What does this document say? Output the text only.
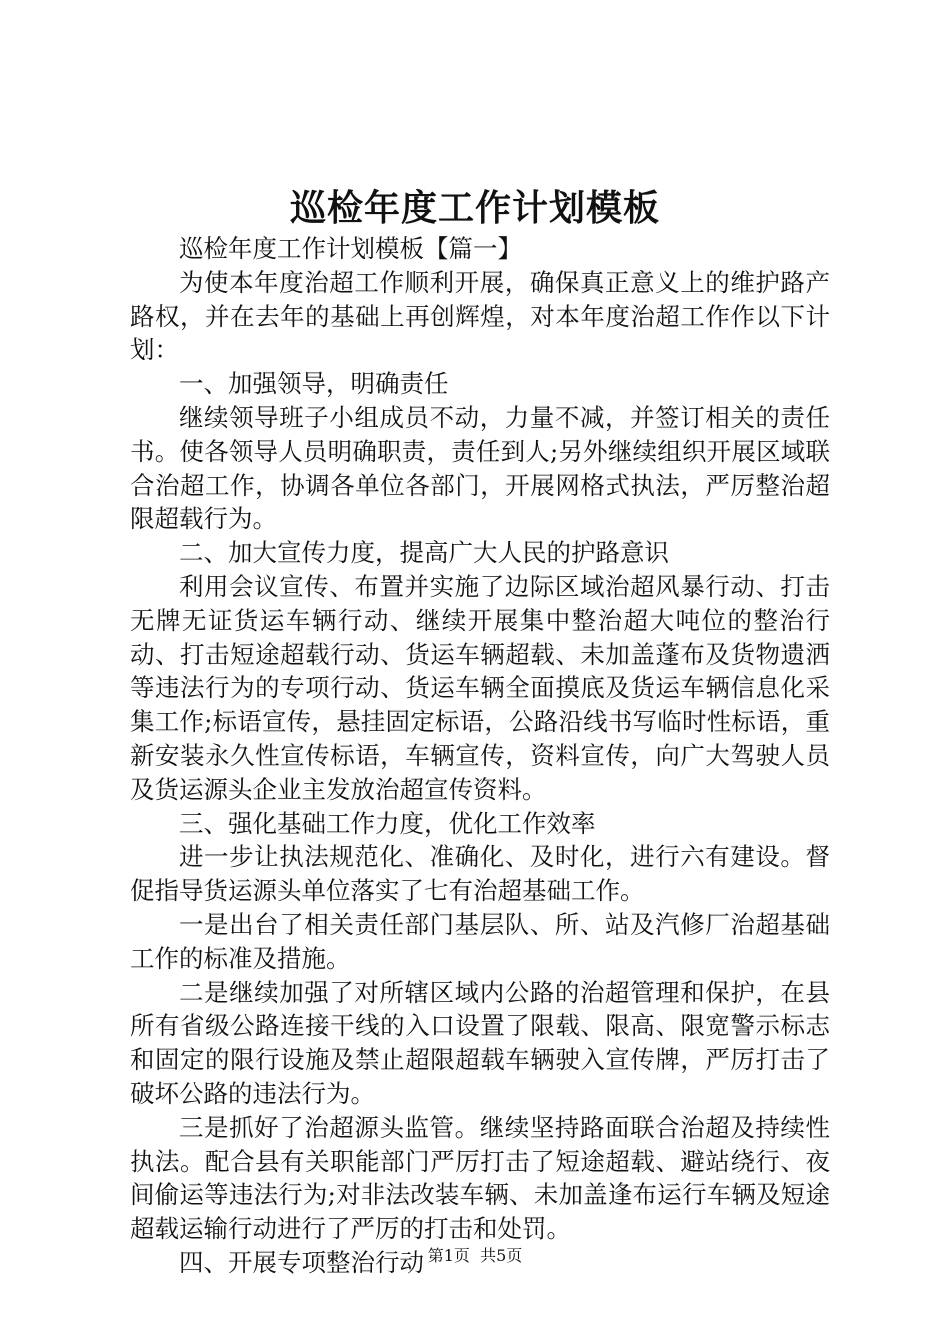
巡检年度工作计划模板

巡检年度工作计划模板【篇一】

为使本年度治超工作顺利开展，确保真正意义上的维护路产路权，并在去年的基础上再创辉煌，对本年度治超工作作以下计划：

一、加强领导，明确责任

继续领导班子小组成员不动，力量不减，并签订相关的责任书。使各领导人员明确职责，责任到人;另外继续组织开展区域联合治超工作，协调各单位各部门，开展网格式执法，严厉整治超限超载行为。

二、加大宣传力度，提高广大人民的护路意识

利用会议宣传、布置并实施了边际区域治超风暴行动、打击无牌无证货运车辆行动、继续开展集中整治超大吨位的整治行动、打击短途超载行动、货运车辆超载、未加盖蓬布及货物遗洒等违法行为的专项行动、货运车辆全面摸底及货运车辆信息化采集工作;标语宣传，悬挂固定标语，公路沿线书写临时性标语，重新安装永久性宣传标语，车辆宣传，资料宣传，向广大驾驶人员及货运源头企业主发放治超宣传资料。

三、强化基础工作力度，优化工作效率

进一步让执法规范化、准确化、及时化，进行六有建设。督促指导货运源头单位落实了七有治超基础工作。

一是出台了相关责任部门基层队、所、站及汽修厂治超基础工作的标准及措施。

二是继续加强了对所辖区域内公路的治超管理和保护，在县所有省级公路连接干线的入口设置了限载、限高、限宽警示标志和固定的限行设施及禁止超限超载车辆驶入宣传牌，严厉打击了破坏公路的违法行为。

三是抓好了治超源头监管。继续坚持路面联合治超及持续性执法。配合县有关职能部门严厉打击了短途超载、避站绕行、夜间偷运等违法行为;对非法改装车辆、未加盖逢布运行车辆及短途超载运输行动进行了严厉的打击和处罚。

四、开展专项整治行动 第1页 共5页
